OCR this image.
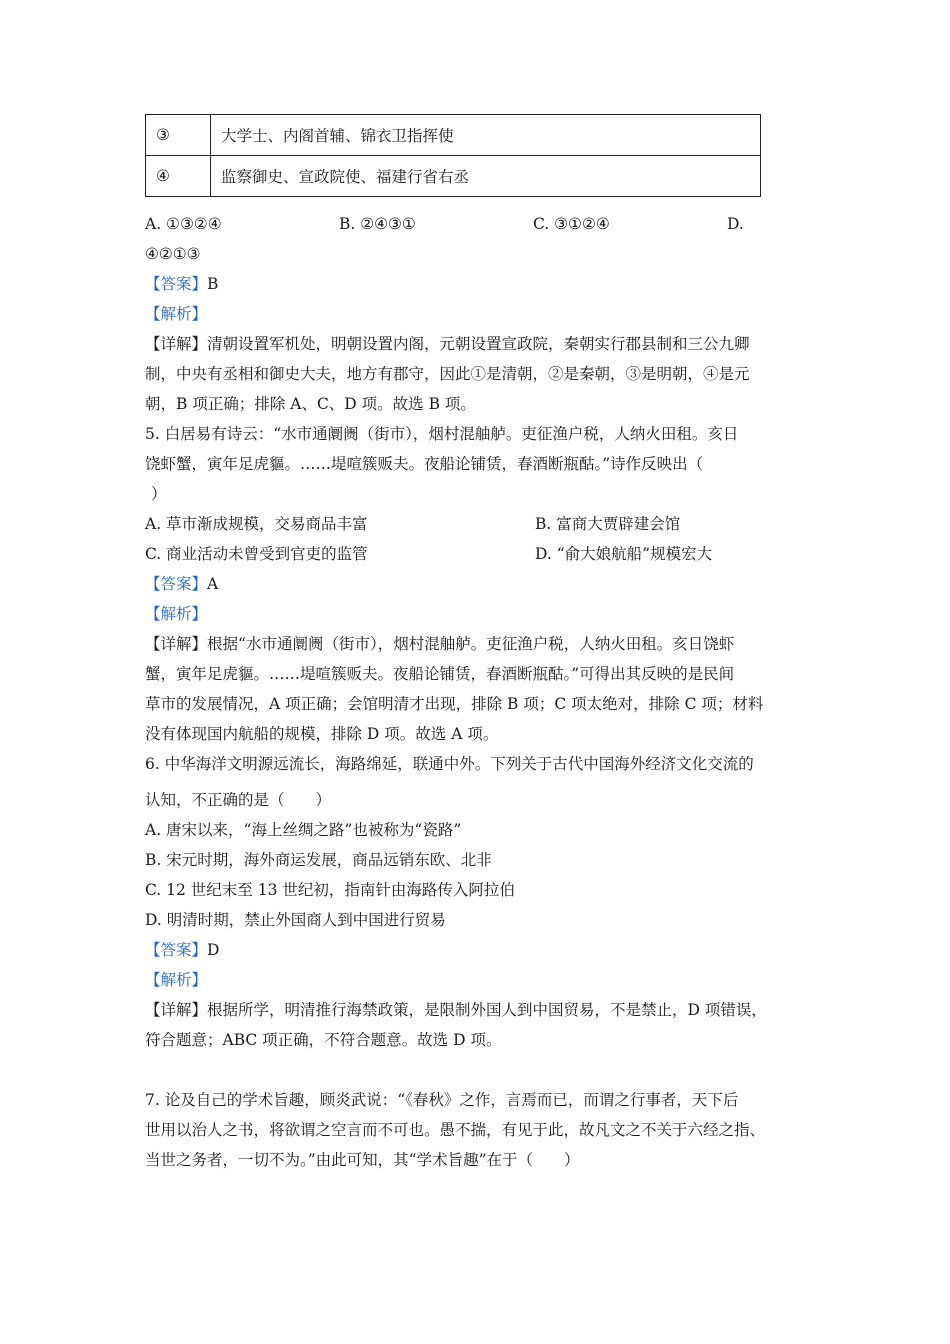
③	大学士、内阁首辅、锦衣卫指挥使
④	监察御史、宣政院使、福建行省右丞
A. ①③②④	B. ②④③①	C. ③①②④	D.
④②①③
【答案】B
【解析】
【详解】清朝设置军机处，明朝设置内阁，元朝设置宣政院，秦朝实行郡县制和三公九卿
制，中央有丞相和御史大夫，地方有郡守，因此①是清朝，②是秦朝，③是明朝，④是元
朝，B 项正确；排除 A、C、D 项。故选 B 项。
5. 白居易有诗云：“水市通阛阓（街市），烟村混舳舻。吏征渔户税，人纳火田租。亥日
饶虾蟹，寅年足虎貙。……堤喧簇贩夫。夜船论铺赁，春酒断瓶酤。”诗作反映出（
）
A. 草市渐成规模，交易商品丰富	B. 富商大贾辟建会馆
C. 商业活动未曾受到官吏的监管	D. “俞大娘航船”规模宏大
【答案】A
【解析】
【详解】根据“水市通阛阓（街市），烟村混舳舻。吏征渔户税，人纳火田租。亥日饶虾
蟹，寅年足虎貙。……堤喧簇贩夫。夜船论铺赁，春酒断瓶酤。”可得出其反映的是民间
草市的发展情况，A 项正确；会馆明清才出现，排除 B 项；C 项太绝对，排除 C 项；材料
没有体现国内航船的规模，排除 D 项。故选 A 项。
6. 中华海洋文明源远流长，海路绵延，联通中外。下列关于古代中国海外经济文化交流的
认知，不正确的是（　　）
A. 唐宋以来，“海上丝绸之路”也被称为“瓷路”
B. 宋元时期，海外商运发展，商品远销东欧、北非
C. 12 世纪末至 13 世纪初，指南针由海路传入阿拉伯
D. 明清时期，禁止外国商人到中国进行贸易
【答案】D
【解析】
【详解】根据所学，明清推行海禁政策，是限制外国人到中国贸易，不是禁止，D 项错误，
符合题意；ABC 项正确，不符合题意。故选 D 项。
7. 论及自己的学术旨趣，顾炎武说：“《春秋》之作，言焉而已，而谓之行事者，天下后
世用以治人之书，将欲谓之空言而不可也。愚不揣，有见于此，故凡文之不关于六经之指、
当世之务者，一切不为。”由此可知，其“学术旨趣”在于（　　）
